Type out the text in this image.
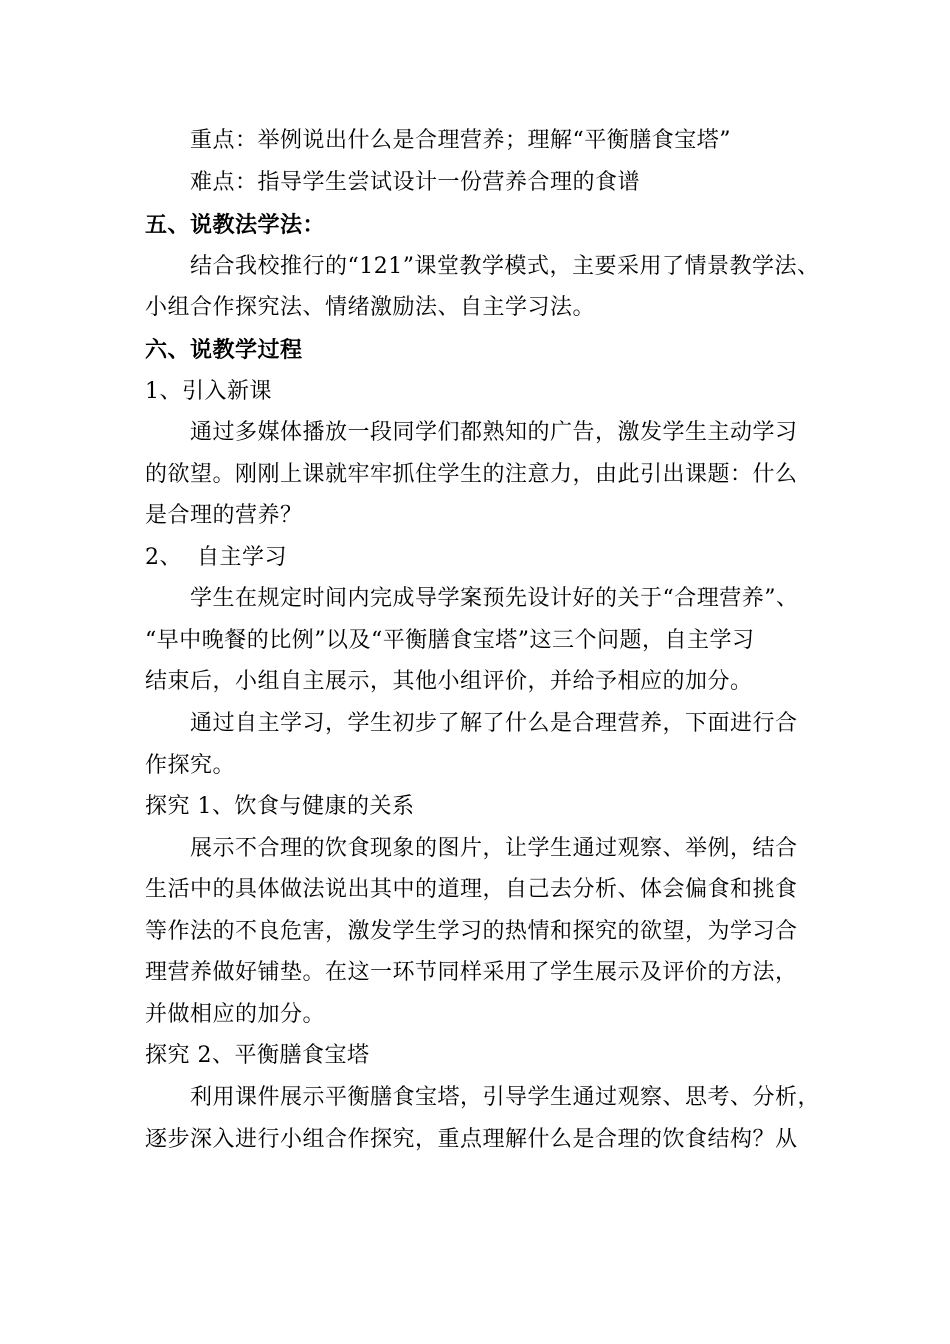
重点：举例说出什么是合理营养；理解“平衡膳食宝塔”
难点：指导学生尝试设计一份营养合理的食谱
五、说教法学法：
结合我校推行的“121”课堂教学模式，主要采用了情景教学法、
小组合作探究法、情绪激励法、自主学习法。
六、说教学过程
1、引入新课
通过多媒体播放一段同学们都熟知的广告，激发学生主动学习
的欲望。刚刚上课就牢牢抓住学生的注意力，由此引出课题：什么
是合理的营养？
2、  自主学习
学生在规定时间内完成导学案预先设计好的关于“合理营养”、
“早中晚餐的比例”以及“平衡膳食宝塔”这三个问题，自主学习
结束后，小组自主展示，其他小组评价，并给予相应的加分。
通过自主学习，学生初步了解了什么是合理营养，下面进行合
作探究。
探究 1、饮食与健康的关系
展示不合理的饮食现象的图片，让学生通过观察、举例，结合
生活中的具体做法说出其中的道理，自己去分析、体会偏食和挑食
等作法的不良危害，激发学生学习的热情和探究的欲望，为学习合
理营养做好铺垫。在这一环节同样采用了学生展示及评价的方法，
并做相应的加分。
探究 2、平衡膳食宝塔
利用课件展示平衡膳食宝塔，引导学生通过观察、思考、分析，
逐步深入进行小组合作探究，重点理解什么是合理的饮食结构？从
